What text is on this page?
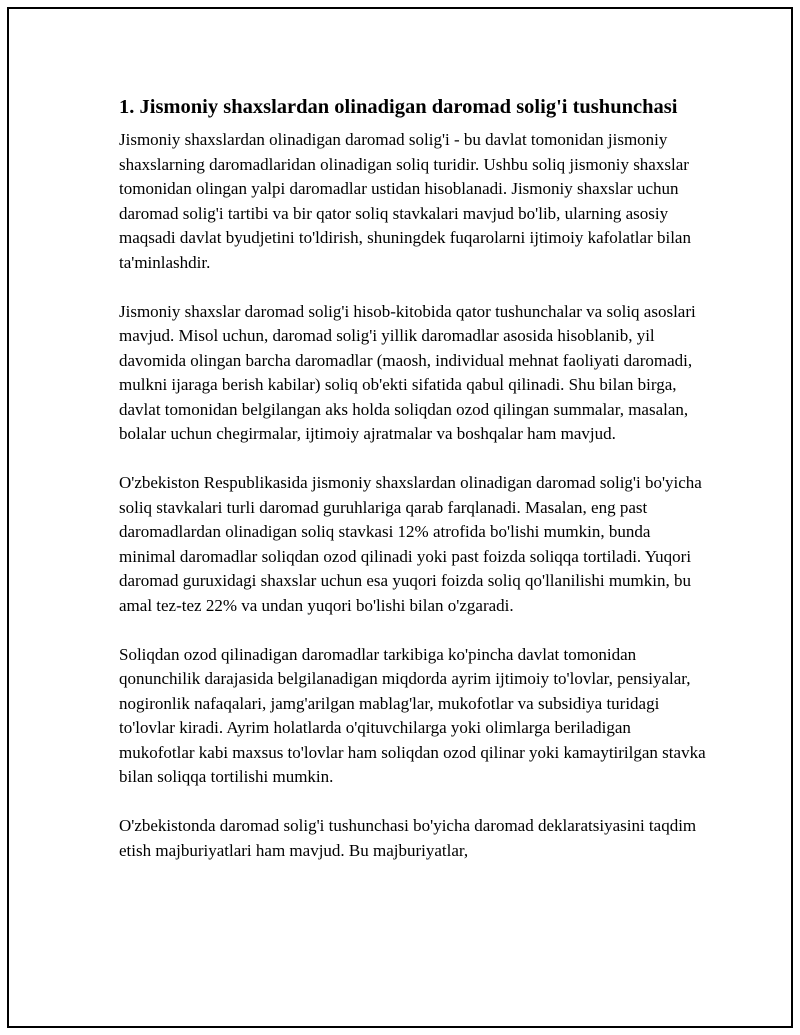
1. Jismoniy shaxslardan olinadigan daromad solig'i tushunchasi

Jismoniy shaxslardan olinadigan daromad solig'i - bu davlat tomonidan jismoniy shaxslarning daromadlaridan olinadigan soliq turidir. Ushbu soliq jismoniy shaxslar tomonidan olingan yalpi daromadlar ustidan hisoblanadi. Jismoniy shaxslar uchun daromad solig'i tartibi va bir qator soliq stavkalari mavjud bo'lib, ularning asosiy maqsadi davlat byudjetini to'ldirish, shuningdek fuqarolarni ijtimoiy kafolatlar bilan ta'minlashdir.

Jismoniy shaxslar daromad solig'i hisob-kitobida qator tushunchalar va soliq asoslari mavjud. Misol uchun, daromad solig'i yillik daromadlar asosida hisoblanib, yil davomida olingan barcha daromadlar (maosh, individual mehnat faoliyati daromadi, mulkni ijaraga berish kabilar) soliq ob'ekti sifatida qabul qilinadi. Shu bilan birga, davlat tomonidan belgilangan aks holda soliqdan ozod qilingan summalar, masalan, bolalar uchun chegirmalar, ijtimoiy ajratmalar va boshqalar ham mavjud.

O'zbekiston Respublikasida jismoniy shaxslardan olinadigan daromad solig'i bo'yicha soliq stavkalari turli daromad guruhlariga qarab farqlanadi. Masalan, eng past daromadlardan olinadigan soliq stavkasi 12% atrofida bo'lishi mumkin, bunda minimal daromadlar soliqdan ozod qilinadi yoki past foizda soliqqa tortiladi. Yuqori daromad guruxidagi shaxslar uchun esa yuqori foizda soliq qo'llanilishi mumkin, bu amal tez-tez 22% va undan yuqori bo'lishi bilan o'zgaradi.

Soliqdan ozod qilinadigan daromadlar tarkibiga ko'pincha davlat tomonidan qonunchilik darajasida belgilanadigan miqdorda ayrim ijtimoiy to'lovlar, pensiyalar, nogironlik nafaqalari, jamg'arilgan mablag'lar, mukofotlar va subsidiya turidagi to'lovlar kiradi. Ayrim holatlarda o'qituvchilarga yoki olimlarga beriladigan mukofotlar kabi maxsus to'lovlar ham soliqdan ozod qilinar yoki kamaytirilgan stavka bilan soliqqa tortilishi mumkin.

O'zbekistonda daromad solig'i tushunchasi bo'yicha daromad deklaratsiyasini taqdim etish majburiyatlari ham mavjud. Bu majburiyatlar,
